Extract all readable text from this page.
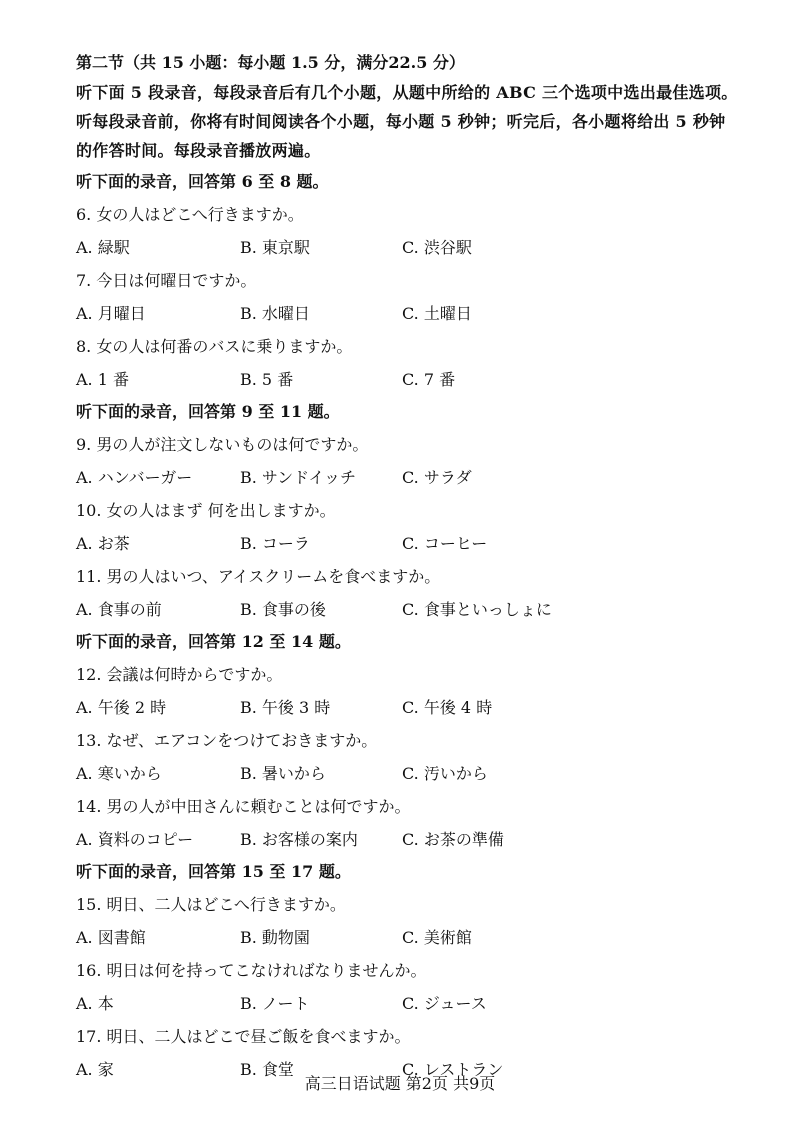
第二节（共 15 小题：每小题 1.5 分，满分22.5 分）

听下面 5 段录音，每段录音后有几个小题，从题中所给的 ABC 三个选项中选出最佳选项。听每段录音前，你将有时间阅读各个小题，每小题 5 秒钟；听完后，各小题将给出 5 秒钟的作答时间。每段录音播放两遍。

听下面的录音，回答第 6 至 8 题。

6. 女の人はどこへ行きますか。

A. 緑駅	B. 東京駅	C. 渋谷駅

7. 今日は何曜日ですか。

A. 月曜日	B. 水曜日	C. 土曜日

8. 女の人は何番のバスに乗りますか。

A. 1 番	B. 5 番	C. 7 番

听下面的录音，回答第 9 至 11 题。

9. 男の人が注文しないものは何ですか。

A. ハンバーガー	B. サンドイッチ	C. サラダ

10. 女の人はまず 何を出しますか。

A. お茶	B. コーラ	C. コーヒー

11. 男の人はいつ、アイスクリームを食べますか。

A. 食事の前	B. 食事の後	C. 食事といっしょに

听下面的录音，回答第 12 至 14 题。

12. 会議は何時からですか。

A. 午後 2 時	B. 午後 3 時	C. 午後 4 時

13. なぜ、エアコンをつけておきますか。

A. 寒いから	B. 暑いから	C. 汚いから

14. 男の人が中田さんに頼むことは何ですか。

A. 資料のコピー	B. お客様の案内	C. お茶の準備

听下面的录音，回答第 15 至 17 题。

15. 明日、二人はどこへ行きますか。

A. 図書館	B. 動物園	C. 美術館

16. 明日は何を持ってこなければなりませんか。

A. 本	B. ノート	C. ジュース

17. 明日、二人はどこで昼ご飯を食べますか。

A. 家	B. 食堂	C. レストラン
高三日语试题 第2页 共9页
